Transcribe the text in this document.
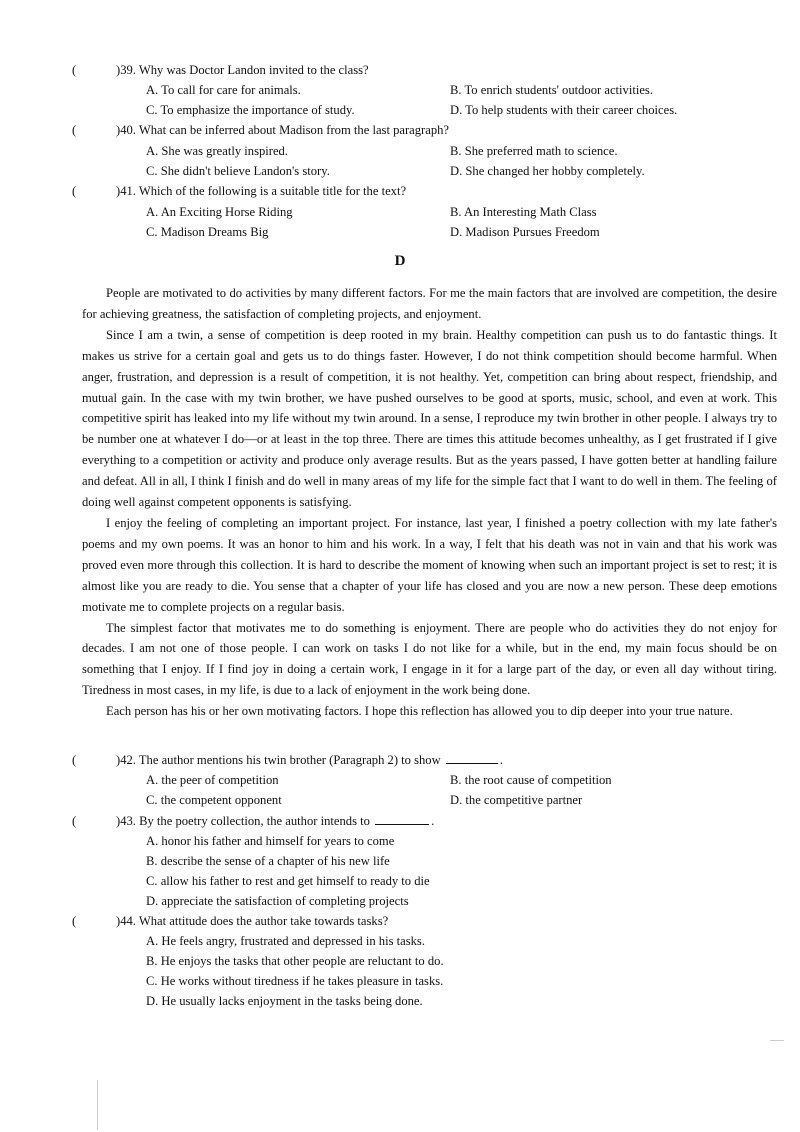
(	)39. Why was Doctor Landon invited to the class?
A. To call for care for animals.	B. To enrich students' outdoor activities.
C. To emphasize the importance of study.	D. To help students with their career choices.
(	)40. What can be inferred about Madison from the last paragraph?
A. She was greatly inspired.	B. She preferred math to science.
C. She didn't believe Landon's story.	D. She changed her hobby completely.
(	)41. Which of the following is a suitable title for the text?
A. An Exciting Horse Riding	B. An Interesting Math Class
C. Madison Dreams Big	D. Madison Pursues Freedom
D

People are motivated to do activities by many different factors. For me the main factors that are involved are competition, the desire for achieving greatness, the satisfaction of completing projects, and enjoyment.

Since I am a twin, a sense of competition is deep rooted in my brain. Healthy competition can push us to do fantastic things. It makes us strive for a certain goal and gets us to do things faster. However, I do not think competition should become harmful. When anger, frustration, and depression is a result of competition, it is not healthy. Yet, competition can bring about respect, friendship, and mutual gain. In the case with my twin brother, we have pushed ourselves to be good at sports, music, school, and even at work. This competitive spirit has leaked into my life without my twin around. In a sense, I reproduce my twin brother in other people. I always try to be number one at whatever I do—or at least in the top three. There are times this attitude becomes unhealthy, as I get frustrated if I give everything to a competition or activity and produce only average results. But as the years passed, I have gotten better at handling failure and defeat. All in all, I think I finish and do well in many areas of my life for the simple fact that I want to do well in them. The feeling of doing well against competent opponents is satisfying.

I enjoy the feeling of completing an important project. For instance, last year, I finished a poetry collection with my late father's poems and my own poems. It was an honor to him and his work. In a way, I felt that his death was not in vain and that his work was proved even more through this collection. It is hard to describe the moment of knowing when such an important project is set to rest; it is almost like you are ready to die. You sense that a chapter of your life has closed and you are now a new person. These deep emotions motivate me to complete projects on a regular basis.

The simplest factor that motivates me to do something is enjoyment. There are people who do activities they do not enjoy for decades. I am not one of those people. I can work on tasks I do not like for a while, but in the end, my main focus should be on something that I enjoy. If I find joy in doing a certain work, I engage in it for a large part of the day, or even all day without tiring. Tiredness in most cases, in my life, is due to a lack of enjoyment in the work being done.

Each person has his or her own motivating factors. I hope this reflection has allowed you to dip deeper into your true nature.

(	)42. The author mentions his twin brother (Paragraph 2) to show	.
A. the peer of competition	B. the root cause of competition
C. the competent opponent	D. the competitive partner
(	)43. By the poetry collection, the author intends to	.
A. honor his father and himself for years to come
B. describe the sense of a chapter of his new life
C. allow his father to rest and get himself to ready to die
D. appreciate the satisfaction of completing projects
(	)44. What attitude does the author take towards tasks?
A. He feels angry, frustrated and depressed in his tasks.
B. He enjoys the tasks that other people are reluctant to do.
C. He works without tiredness if he takes pleasure in tasks.
D. He usually lacks enjoyment in the tasks being done.
